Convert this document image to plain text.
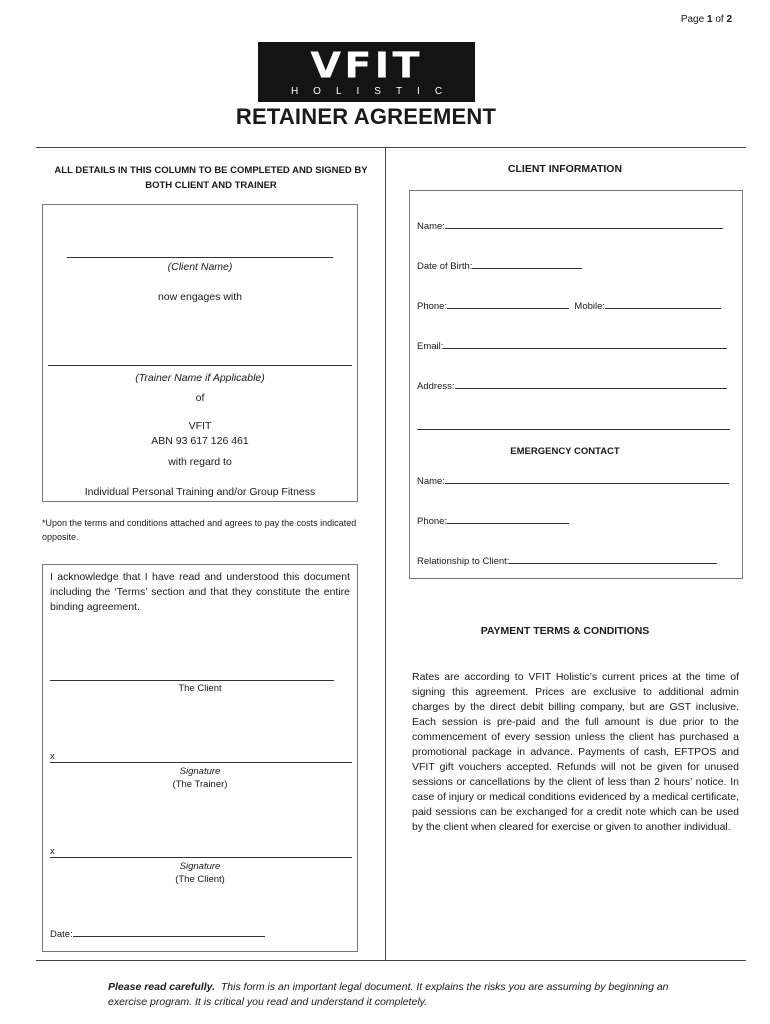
Page 1 of 2
VFIT
HOLISTIC
RETAINER AGREEMENT
ALL DETAILS IN THIS COLUMN TO BE COMPLETED AND SIGNED BY BOTH CLIENT AND TRAINER
(Client Name)
now engages with
(Trainer Name if Applicable)
of
VFIT
ABN 93 617 126 461
with regard to
Individual Personal Training and/or Group Fitness
*Upon the terms and conditions attached and agrees to pay the costs indicated opposite.
I acknowledge that I have read and understood this document including the ‘Terms’ section and that they constitute the entire binding agreement.
The Client
x
Signature
(The Trainer)
x
Signature
(The Client)
Date:
CLIENT INFORMATION
Name:
Date of Birth:
Phone:	Mobile:
Email:
Address:
EMERGENCY CONTACT
Name:
Phone:
Relationship to Client:
PAYMENT TERMS & CONDITIONS
Rates are according to VFIT Holistic’s current prices at the time of signing this agreement. Prices are exclusive to additional admin charges by the direct debit billing company, but are GST inclusive. Each session is pre-paid and the full amount is due prior to the commencement of every session unless the client has purchased a promotional package in advance. Payments of cash, EFTPOS and VFIT gift vouchers accepted. Refunds will not be given for unused sessions or cancellations by the client of less than 2 hours’ notice. In case of injury or medical conditions evidenced by a medical certificate, paid sessions can be exchanged for a credit note which can be used by the client when cleared for exercise or given to another individual.
Please read carefully. This form is an important legal document. It explains the risks you are assuming by beginning an exercise program. It is critical you read and understand it completely.
